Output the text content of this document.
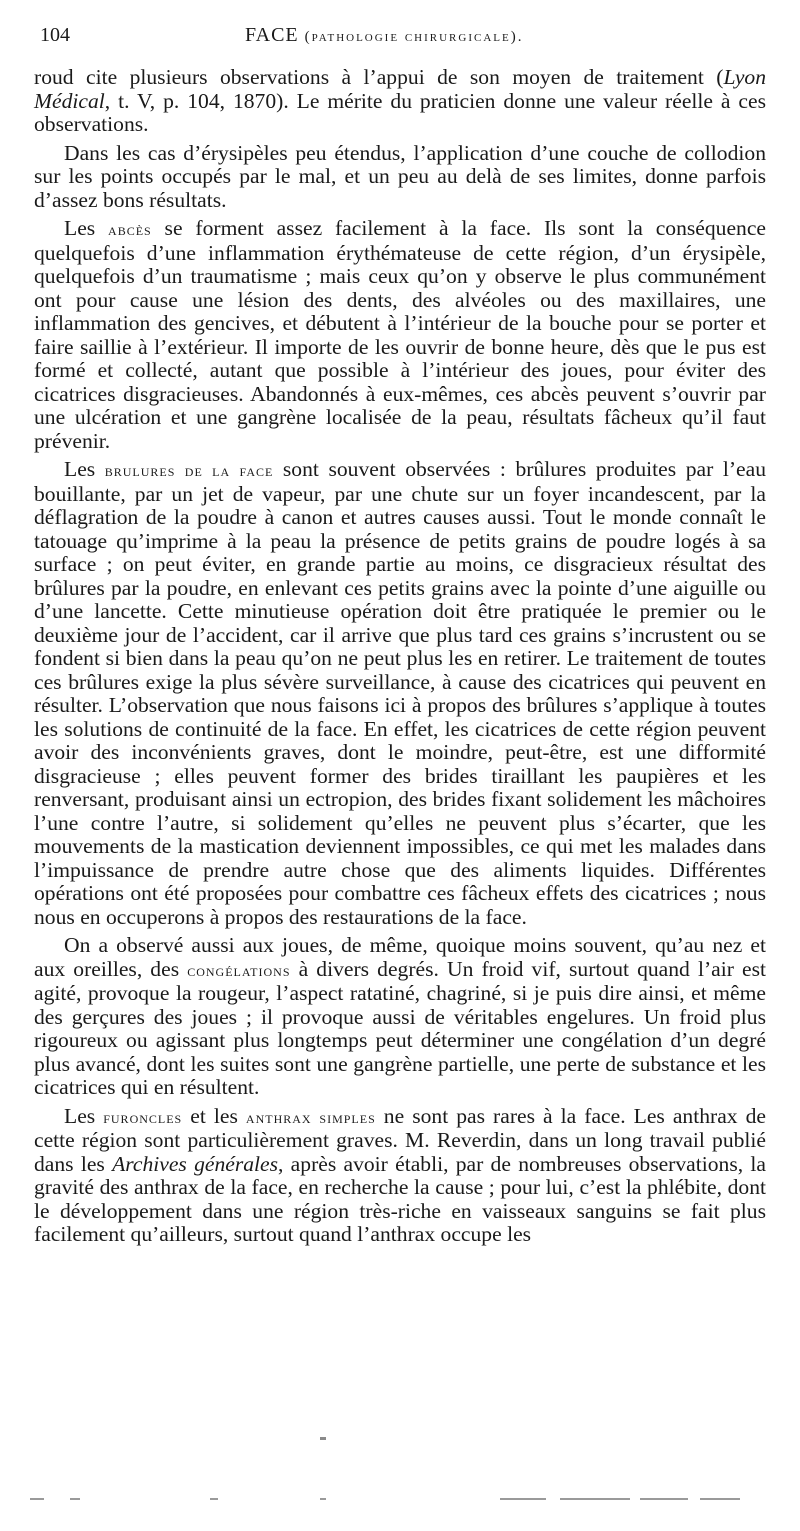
104	FACE (pathologie chirurgicale).

roud cite plusieurs observations à l’appui de son moyen de traitement (Lyon Médical, t. V, p. 104, 1870). Le mérite du praticien donne une valeur réelle à ces observations.

Dans les cas d’érysipèles peu étendus, l’application d’une couche de collodion sur les points occupés par le mal, et un peu au delà de ses limites, donne parfois d’assez bons résultats.

Les abcès se forment assez facilement à la face. Ils sont la conséquence quelquefois d’une inflammation érythémateuse de cette région, d’un érysipèle, quelquefois d’un traumatisme ; mais ceux qu’on y observe le plus communément ont pour cause une lésion des dents, des alvéoles ou des maxillaires, une inflammation des gencives, et débutent à l’intérieur de la bouche pour se porter et faire saillie à l’extérieur. Il importe de les ouvrir de bonne heure, dès que le pus est formé et collecté, autant que possible à l’intérieur des joues, pour éviter des cicatrices disgracieuses. Abandonnés à eux-mêmes, ces abcès peuvent s’ouvrir par une ulcération et une gangrène localisée de la peau, résultats fâcheux qu’il faut prévenir.

Les brulures de la face sont souvent observées : brûlures produites par l’eau bouillante, par un jet de vapeur, par une chute sur un foyer incandescent, par la déflagration de la poudre à canon et autres causes aussi. Tout le monde connaît le tatouage qu’imprime à la peau la présence de petits grains de poudre logés à sa surface ; on peut éviter, en grande partie au moins, ce disgracieux résultat des brûlures par la poudre, en enlevant ces petits grains avec la pointe d’une aiguille ou d’une lancette. Cette minutieuse opération doit être pratiquée le premier ou le deuxième jour de l’accident, car il arrive que plus tard ces grains s’incrustent ou se fondent si bien dans la peau qu’on ne peut plus les en retirer. Le traitement de toutes ces brûlures exige la plus sévère surveillance, à cause des cicatrices qui peuvent en résulter. L’observation que nous faisons ici à propos des brûlures s’applique à toutes les solutions de continuité de la face. En effet, les cicatrices de cette région peuvent avoir des inconvénients graves, dont le moindre, peut-être, est une difformité disgracieuse ; elles peuvent former des brides tiraillant les paupières et les renversant, produisant ainsi un ectropion, des brides fixant solidement les mâchoires l’une contre l’autre, si solidement qu’elles ne peuvent plus s’écarter, que les mouvements de la mastication deviennent impossibles, ce qui met les malades dans l’impuissance de prendre autre chose que des aliments liquides. Différentes opérations ont été proposées pour combattre ces fâcheux effets des cicatrices ; nous nous en occuperons à propos des restaurations de la face.

On a observé aussi aux joues, de même, quoique moins souvent, qu’au nez et aux oreilles, des congélations à divers degrés. Un froid vif, surtout quand l’air est agité, provoque la rougeur, l’aspect ratatiné, chagriné, si je puis dire ainsi, et même des gerçures des joues ; il provoque aussi de véritables engelures. Un froid plus rigoureux ou agissant plus longtemps peut déterminer une congélation d’un degré plus avancé, dont les suites sont une gangrène partielle, une perte de substance et les cicatrices qui en résultent.

Les furoncles et les anthrax simples ne sont pas rares à la face. Les anthrax de cette région sont particulièrement graves. M. Reverdin, dans un long travail publié dans les Archives générales, après avoir établi, par de nombreuses observations, la gravité des anthrax de la face, en recherche la cause ; pour lui, c’est la phlébite, dont le développement dans une région très-riche en vaisseaux sanguins se fait plus facilement qu’ailleurs, surtout quand l’anthrax occupe les
